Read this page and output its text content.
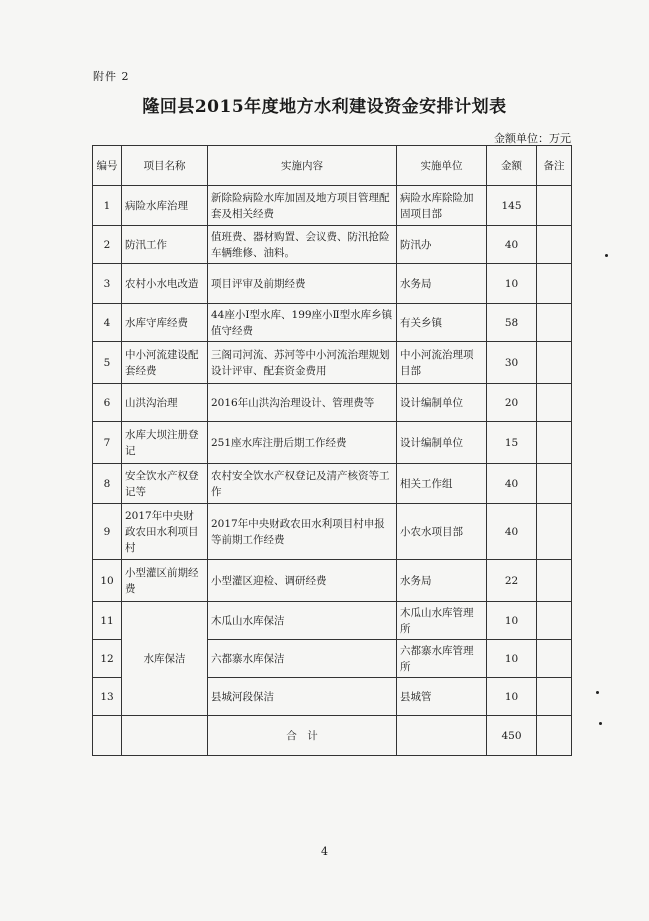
附件 2
隆回县2015年度地方水利建设资金安排计划表
金额单位：万元
编号	项目名称	实施内容	实施单位	金额	备注
1	病险水库治理	新除险病险水库加固及地方项目管理配套及相关经费	病险水库除险加固项目部	145	
2	防汛工作	值班费、器材购置、会议费、防汛抢险车辆维修、油料。	防汛办	40	
3	农村小水电改造	项目评审及前期经费	水务局	10	
4	水库守库经费	44座小Ⅰ型水库、199座小Ⅱ型水库乡镇值守经费	有关乡镇	58	
5	中小河流建设配套经费	三阁司河流、苏河等中小河流治理规划设计评审、配套资金费用	中小河流治理项目部	30	
6	山洪沟治理	2016年山洪沟治理设计、管理费等	设计编制单位	20	
7	水库大坝注册登记	251座水库注册后期工作经费	设计编制单位	15	
8	安全饮水产权登记等	农村安全饮水产权登记及清产核资等工作	相关工作组	40	
9	2017年中央财政农田水利项目村	2017年中央财政农田水利项目村申报等前期工作经费	小农水项目部	40	
10	小型灌区前期经费	小型灌区迎检、调研经费	水务局	22	
11	水库保洁	木瓜山水库保洁	木瓜山水库管理所	10	
12		六都寨水库保洁	六都寨水库管理所	10	
13		县城河段保洁	县城管	10	
		合　计		450	
4
